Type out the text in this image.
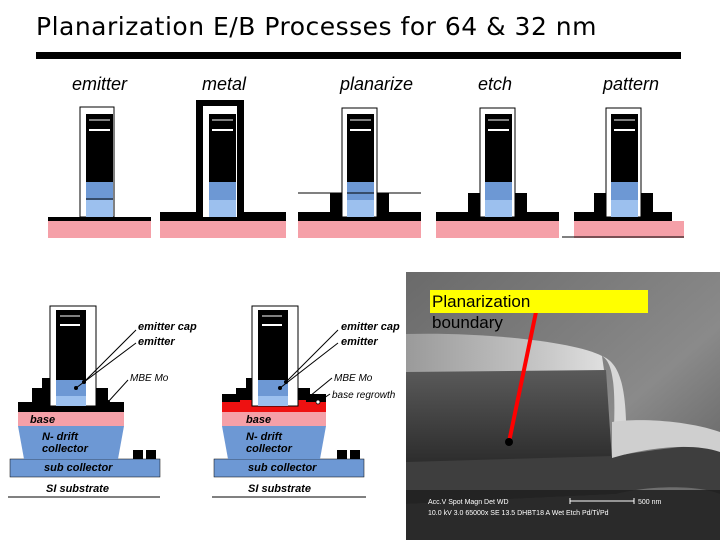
Planarization E/B Processes for 64 & 32 nm
emitter	metal	planarize	etch	pattern
emitter cap
emitter
MBE Mo
base
N- drift
collector
sub collector
SI substrate
emitter cap
emitter
MBE Mo
base regrowth
base
N- drift
collector
sub collector
SI substrate
500 nm
Acc.V Spot Magn Det WD
10.0 kV 3.0 65000x SE 13.5 DHBT18 A Wet Etch Pd/Ti/Pd
Planarization
boundary
